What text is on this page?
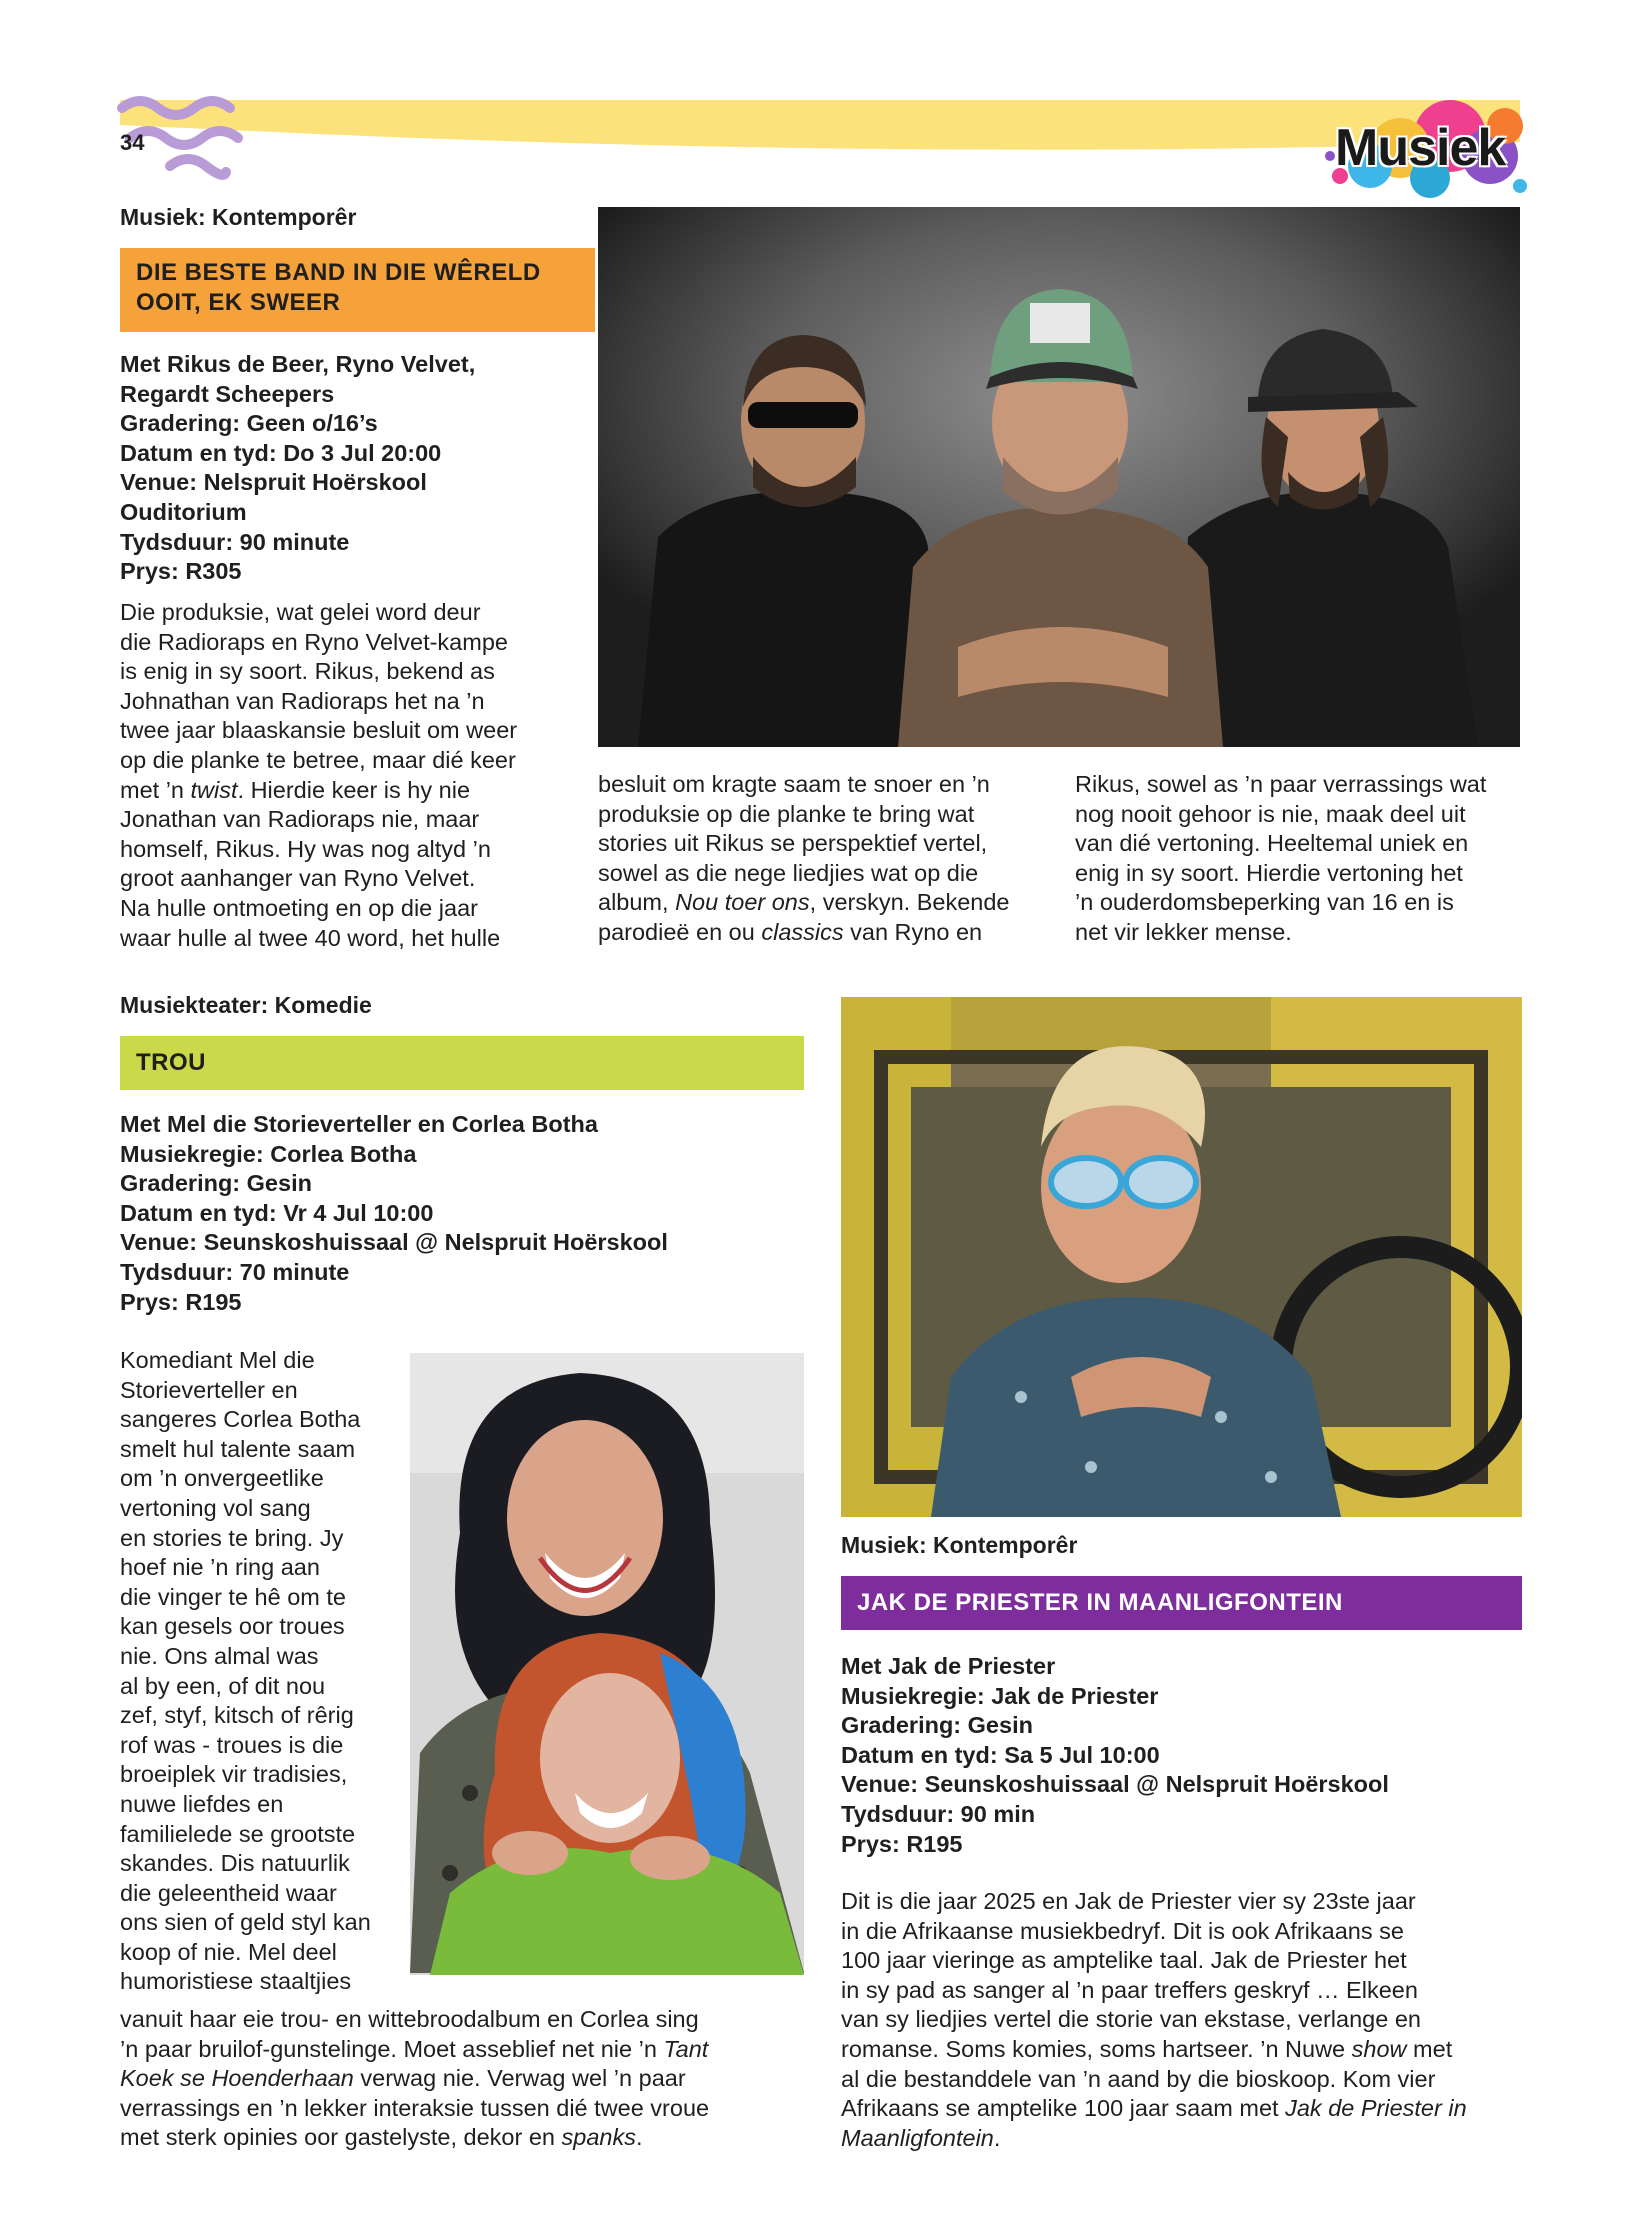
34	Musiek
Musiek: Kontemporêr
DIE BESTE BAND IN DIE WÊRELD
OOIT, EK SWEER
Met Rikus de Beer, Ryno Velvet,
Regardt Scheepers
Gradering: Geen o/16’s
Datum en tyd: Do 3 Jul 20:00
Venue: Nelspruit Hoërskool
Ouditorium
Tydsduur: 90 minute
Prys: R305
Die produksie, wat gelei word deur
die Radioraps en Ryno Velvet-kampe
is enig in sy soort. Rikus, bekend as
Johnathan van Radioraps het na ’n
twee jaar blaaskansie besluit om weer
op die planke te betree, maar dié keer
met ’n twist. Hierdie keer is hy nie
Jonathan van Radioraps nie, maar
homself, Rikus. Hy was nog altyd ’n
groot aanhanger van Ryno Velvet.
Na hulle ontmoeting en op die jaar
waar hulle al twee 40 word, het hulle
besluit om kragte saam te snoer en ’n
produksie op die planke te bring wat
stories uit Rikus se perspektief vertel,
sowel as die nege liedjies wat op die
album, Nou toer ons, verskyn. Bekende
parodieë en ou classics van Ryno en
Rikus, sowel as ’n paar verrassings wat
nog nooit gehoor is nie, maak deel uit
van dié vertoning. Heeltemal uniek en
enig in sy soort. Hierdie vertoning het
’n ouderdomsbeperking van 16 en is
net vir lekker mense.
Musiekteater: Komedie
TROU
Met Mel die Storieverteller en Corlea Botha
Musiekregie: Corlea Botha
Gradering: Gesin
Datum en tyd: Vr 4 Jul 10:00
Venue: Seunskoshuissaal @ Nelspruit Hoërskool
Tydsduur: 70 minute
Prys: R195
Komediant Mel die
Storieverteller en
sangeres Corlea Botha
smelt hul talente saam
om ’n onvergeetlike
vertoning vol sang
en stories te bring. Jy
hoef nie ’n ring aan
die vinger te hê om te
kan gesels oor troues
nie. Ons almal was
al by een, of dit nou
zef, styf, kitsch of rêrig
rof was - troues is die
broeiplek vir tradisies,
nuwe liefdes en
familielede se grootste
skandes. Dis natuurlik
die geleentheid waar
ons sien of geld styl kan
koop of nie. Mel deel
humoristiese staaltjies
vanuit haar eie trou- en wittebroodalbum en Corlea sing
’n paar bruilof-gunstelinge. Moet asseblief net nie ’n Tant
Koek se Hoenderhaan verwag nie. Verwag wel ’n paar
verrassings en ’n lekker interaksie tussen dié twee vroue
met sterk opinies oor gastelyste, dekor en spanks.
Musiek: Kontemporêr
JAK DE PRIESTER IN MAANLIGFONTEIN
Met Jak de Priester
Musiekregie: Jak de Priester
Gradering: Gesin
Datum en tyd: Sa 5 Jul 10:00
Venue: Seunskoshuissaal @ Nelspruit Hoërskool
Tydsduur: 90 min
Prys: R195
Dit is die jaar 2025 en Jak de Priester vier sy 23ste jaar
in die Afrikaanse musiekbedryf. Dit is ook Afrikaans se
100 jaar vieringe as amptelike taal. Jak de Priester het
in sy pad as sanger al ’n paar treffers geskryf … Elkeen
van sy liedjies vertel die storie van ekstase, verlange en
romanse. Soms komies, soms hartseer. ’n Nuwe show met
al die bestanddele van ’n aand by die bioskoop. Kom vier
Afrikaans se amptelike 100 jaar saam met Jak de Priester in
Maanligfontein.
